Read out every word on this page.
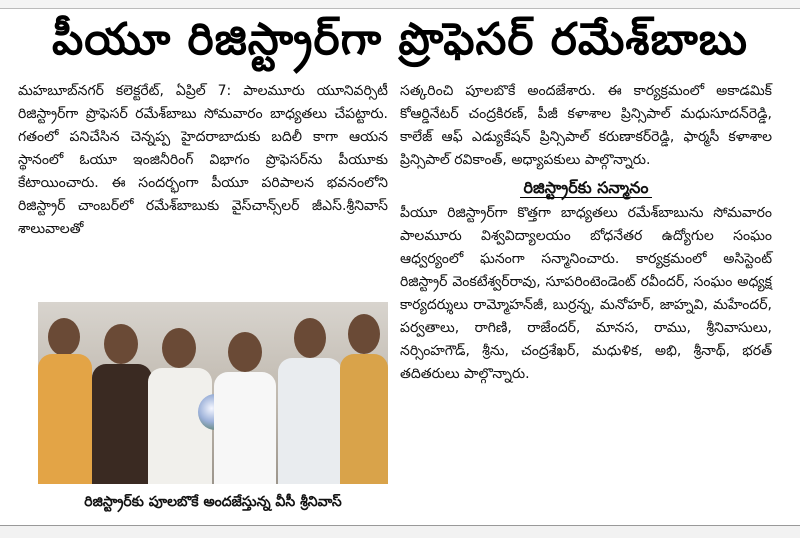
పీయూ రిజిస్ట్రార్‌గా ప్రొఫెసర్ రమేశ్‌బాబు

మహబూబ్‌నగర్ కలెక్టరేట్, ఏప్రిల్ 7: పాలమూరు యూనివర్సిటీ రిజిస్ట్రార్‌గా ప్రొఫెసర్ రమేశ్‌బాబు సోమవారం బాధ్యతలు చేపట్టారు. గతంలో పనిచేసిన చెన్నప్ప హైదరాబాదుకు బదిలీ కాగా ఆయన స్థానంలో ఓయూ ఇంజినీరింగ్ విభాగం ప్రొఫెసర్‌ను పీయూకు కేటాయించారు. ఈ సందర్భంగా పీయూ పరిపాలన భవనంలోని రిజిస్ట్రార్ చాంబర్‌లో రమేశ్‌బాబుకు వైస్‌చాన్స్‌లర్ జీఎస్.శ్రీనివాస్ శాలువాలతో

రిజిస్ట్రార్‌కు పూలబొకే అందజేస్తున్న వీసీ శ్రీనివాస్

సత్కరించి పూలబొకే అందజేశారు. ఈ కార్యక్రమంలో అకాడమిక్ కోఆర్డినేటర్ చంద్రకిరణ్, పీజీ కళాశాల ప్రిన్సిపాల్ మధుసూదన్‌రెడ్డి, కాలేజ్ ఆఫ్ ఎడ్యుకేషన్ ప్రిన్సిపాల్ కరుణాకర్‌రెడ్డి, ఫార్మసీ కళాశాల ప్రిన్సిపాల్ రవికాంత్, అధ్యాపకులు పాల్గొన్నారు.

రిజిస్ట్రార్‌కు సన్మానం

పీయూ రిజిస్ట్రార్‌గా కొత్తగా బాధ్యతలు రమేశ్‌బాబును సోమవారం పాలమూరు విశ్వవిద్యాలయం బోధనేతర ఉద్యోగుల సంఘం ఆధ్వర్యంలో ఘనంగా సన్మానించారు. కార్యక్రమంలో అసిస్టెంట్ రిజిస్ట్రార్ వెంకటేశ్వర్‌రావు, సూపరింటెండెంట్ రవీందర్, సంఘం అధ్యక్ష కార్యదర్శులు రామ్మోహన్‌జీ, బుర్రన్న, మనోహర్, జాహ్నవి, మహేందర్, పర్వతాలు, రాగిణి, రాజేందర్, మానస, రాము, శ్రీనివాసులు, నర్సింహగౌడ్, శ్రీను, చంద్రశేఖర్, మధుళిక, అభి, శ్రీనాథ్, భరత్ తదితరులు పాల్గొన్నారు.
